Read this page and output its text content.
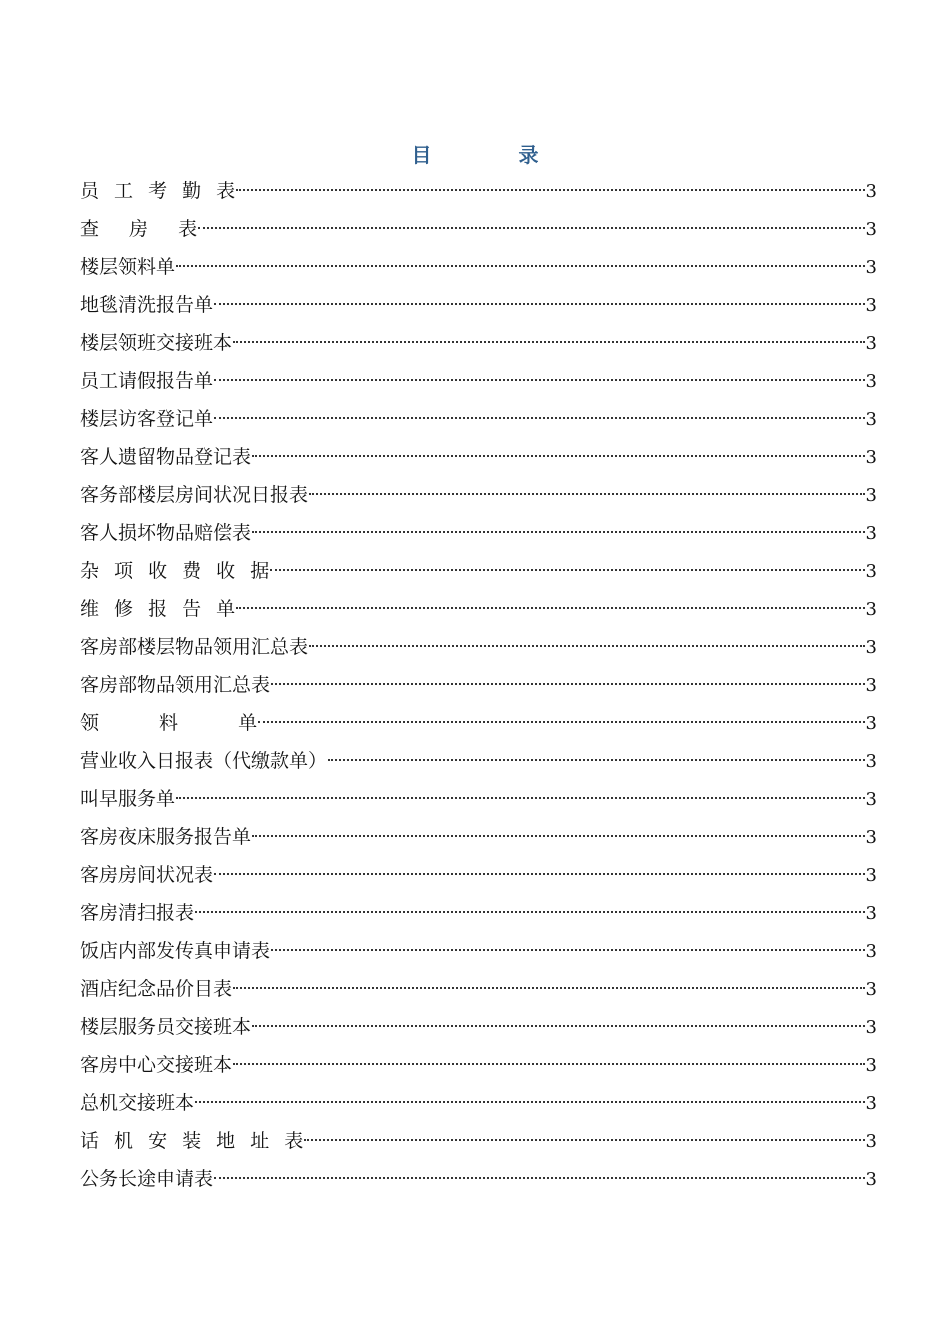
目 录
员 工 考 勤 表	3
查 房 表	3
楼层领料单	3
地毯清洗报告单	3
楼层领班交接班本	3
员工请假报告单	3
楼层访客登记单	3
客人遗留物品登记表	3
客务部楼层房间状况日报表	3
客人损坏物品赔偿表	3
杂 项 收 费 收 据	3
维 修 报 告 单	3
客房部楼层物品领用汇总表	3
客房部物品领用汇总表	3
领 料 单	3
营业收入日报表（代缴款单）	3
叫早服务单	3
客房夜床服务报告单	3
客房房间状况表	3
客房清扫报表	3
饭店内部发传真申请表	3
酒店纪念品价目表	3
楼层服务员交接班本	3
客房中心交接班本	3
总机交接班本	3
话 机 安 装 地 址 表	3
公务长途申请表	3
